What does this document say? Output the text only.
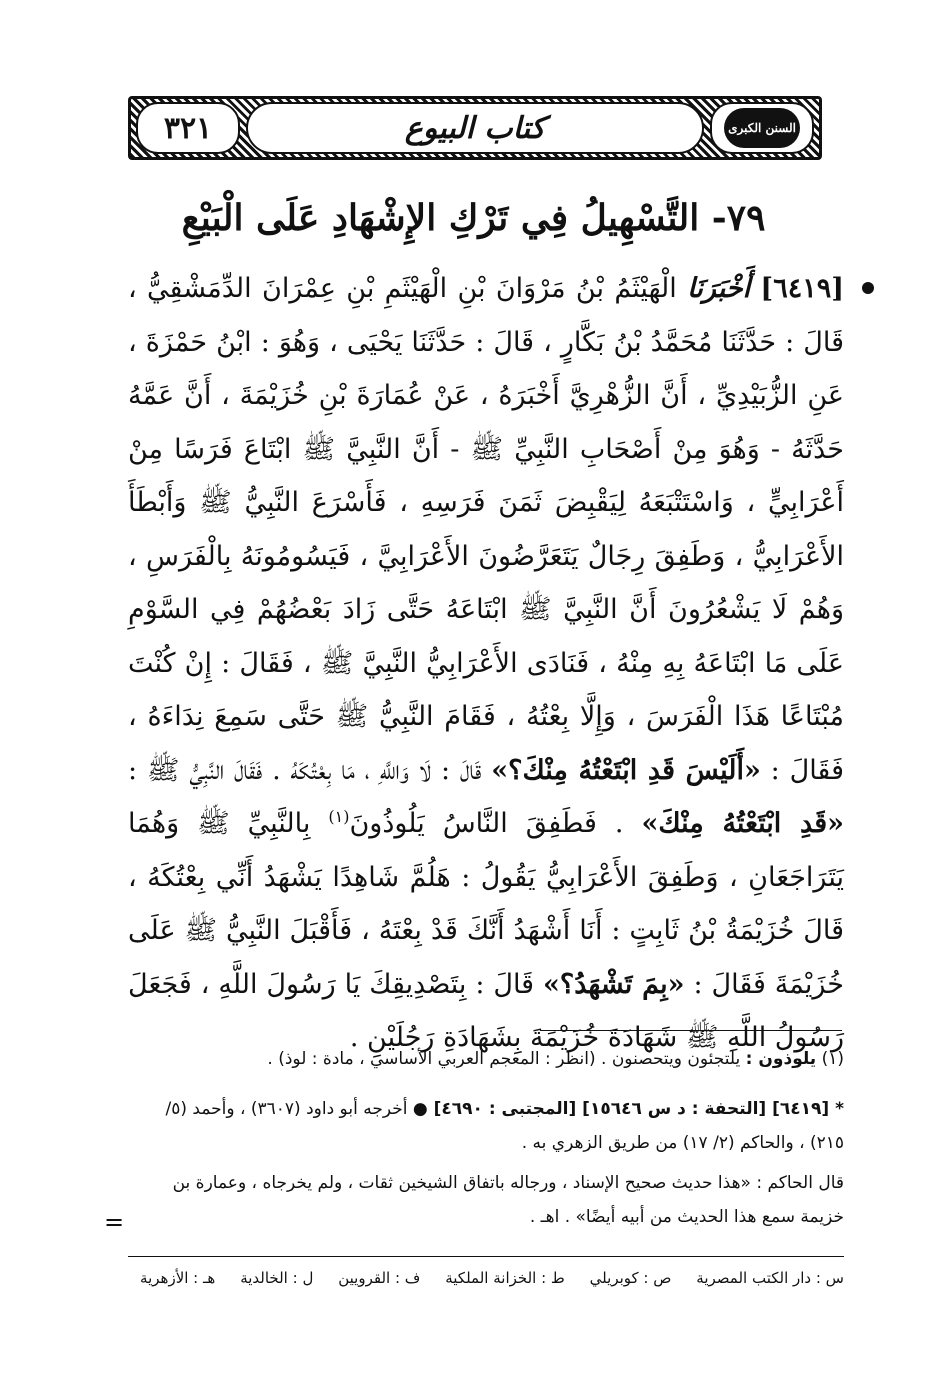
السنن الكبرى
كتاب البيوع
٣٢١
٧٩- التَّسْهِيلُ فِي تَرْكِ الإِشْهَادِ عَلَى الْبَيْعِ
[٦٤١٩] أَخْبَرَنَا الْهَيْثَمُ بْنُ مَرْوَانَ بْنِ الْهَيْثَمِ بْنِ عِمْرَانَ الدِّمَشْقِيُّ ، قَالَ : حَدَّثَنَا مُحَمَّدُ بْنُ بَكَّارٍ ، قَالَ : حَدَّثَنَا يَحْيَى ، وَهُوَ : ابْنُ حَمْزَةَ ، عَنِ الزُّبَيْدِيِّ ، أَنَّ الزُّهْرِيَّ أَخْبَرَهُ ، عَنْ عُمَارَةَ بْنِ خُزَيْمَةَ ، أَنَّ عَمَّهُ حَدَّثَهُ - وَهُوَ مِنْ أَصْحَابِ النَّبِيِّ ﷺ - أَنَّ النَّبِيَّ ﷺ ابْتَاعَ فَرَسًا مِنْ أَعْرَابِيٍّ ، وَاسْتَتْبَعَهُ لِيَقْبِضَ ثَمَنَ فَرَسِهِ ، فَأَسْرَعَ النَّبِيُّ ﷺ وَأَبْطَأَ الأَعْرَابِيُّ ، وَطَفِقَ رِجَالٌ يَتَعَرَّضُونَ الأَعْرَابِيَّ ، فَيَسُومُونَهُ بِالْفَرَسِ ، وَهُمْ لَا يَشْعُرُونَ أَنَّ النَّبِيَّ ﷺ ابْتَاعَهُ حَتَّى زَادَ بَعْضُهُمْ فِي السَّوْمِ عَلَى مَا ابْتَاعَهُ بِهِ مِنْهُ ، فَنَادَى الأَعْرَابِيُّ النَّبِيَّ ﷺ ، فَقَالَ : إِنْ كُنْتَ مُبْتَاعًا هَذَا الْفَرَسَ ، وَإِلَّا بِعْتُهُ ، فَقَامَ النَّبِيُّ ﷺ حَتَّى سَمِعَ نِدَاءَهُ ، فَقَالَ : «أَلَيْسَ قَدِ ابْتَعْتُهُ مِنْكَ؟» قَالَ : لَا وَاللَّهِ ، مَا بِعْتُكَهُ . فَقَالَ النَّبِيُّ ﷺ : «قَدِ ابْتَعْتُهُ مِنْكَ» . فَطَفِقَ النَّاسُ يَلُوذُونَ$^{(١)}$ بِالنَّبِيِّ ﷺ وَهُمَا يَتَرَاجَعَانِ ، وَطَفِقَ الأَعْرَابِيُّ يَقُولُ : هَلُمَّ شَاهِدًا يَشْهَدُ أَنِّي بِعْتُكَهُ ، قَالَ خُزَيْمَةُ بْنُ ثَابِتٍ : أَنَا أَشْهَدُ أَنَّكَ قَدْ بِعْتَهُ ، فَأَقْبَلَ النَّبِيُّ ﷺ عَلَى خُزَيْمَةَ فَقَالَ : «بِمَ تَشْهَدُ؟» قَالَ : بِتَصْدِيقِكَ يَا رَسُولَ اللَّهِ ، فَجَعَلَ رَسُولُ اللَّهِ ﷺ شَهَادَةَ خُزَيْمَةَ بِشَهَادَةِ رَجُلَيْنِ .
(١) يلوذون : يلتجئون ويتحصنون . (انظر : المعجم العربي الأساسي ، مادة : لوذ) .
* [٦٤١٩] [التحفة : د س ١٥٦٤٦] [المجتبى : ٤٦٩٠] ● أخرجه أبو داود (٣٦٠٧) ، وأحمد (٥/ ٢١٥) ، والحاكم (٢/ ١٧) من طريق الزهري به .
قال الحاكم : «هذا حديث صحيح الإسناد ، ورجاله باتفاق الشيخين ثقات ، ولم يخرجاه ، وعمارة بن خزيمة سمع هذا الحديث من أبيه أيضًا» . اهـ .
=
س : دار الكتب المصرية
ص : كوبريلي
ط : الخزانة الملكية
ف : القرويين
ل : الخالدية
هـ : الأزهرية
